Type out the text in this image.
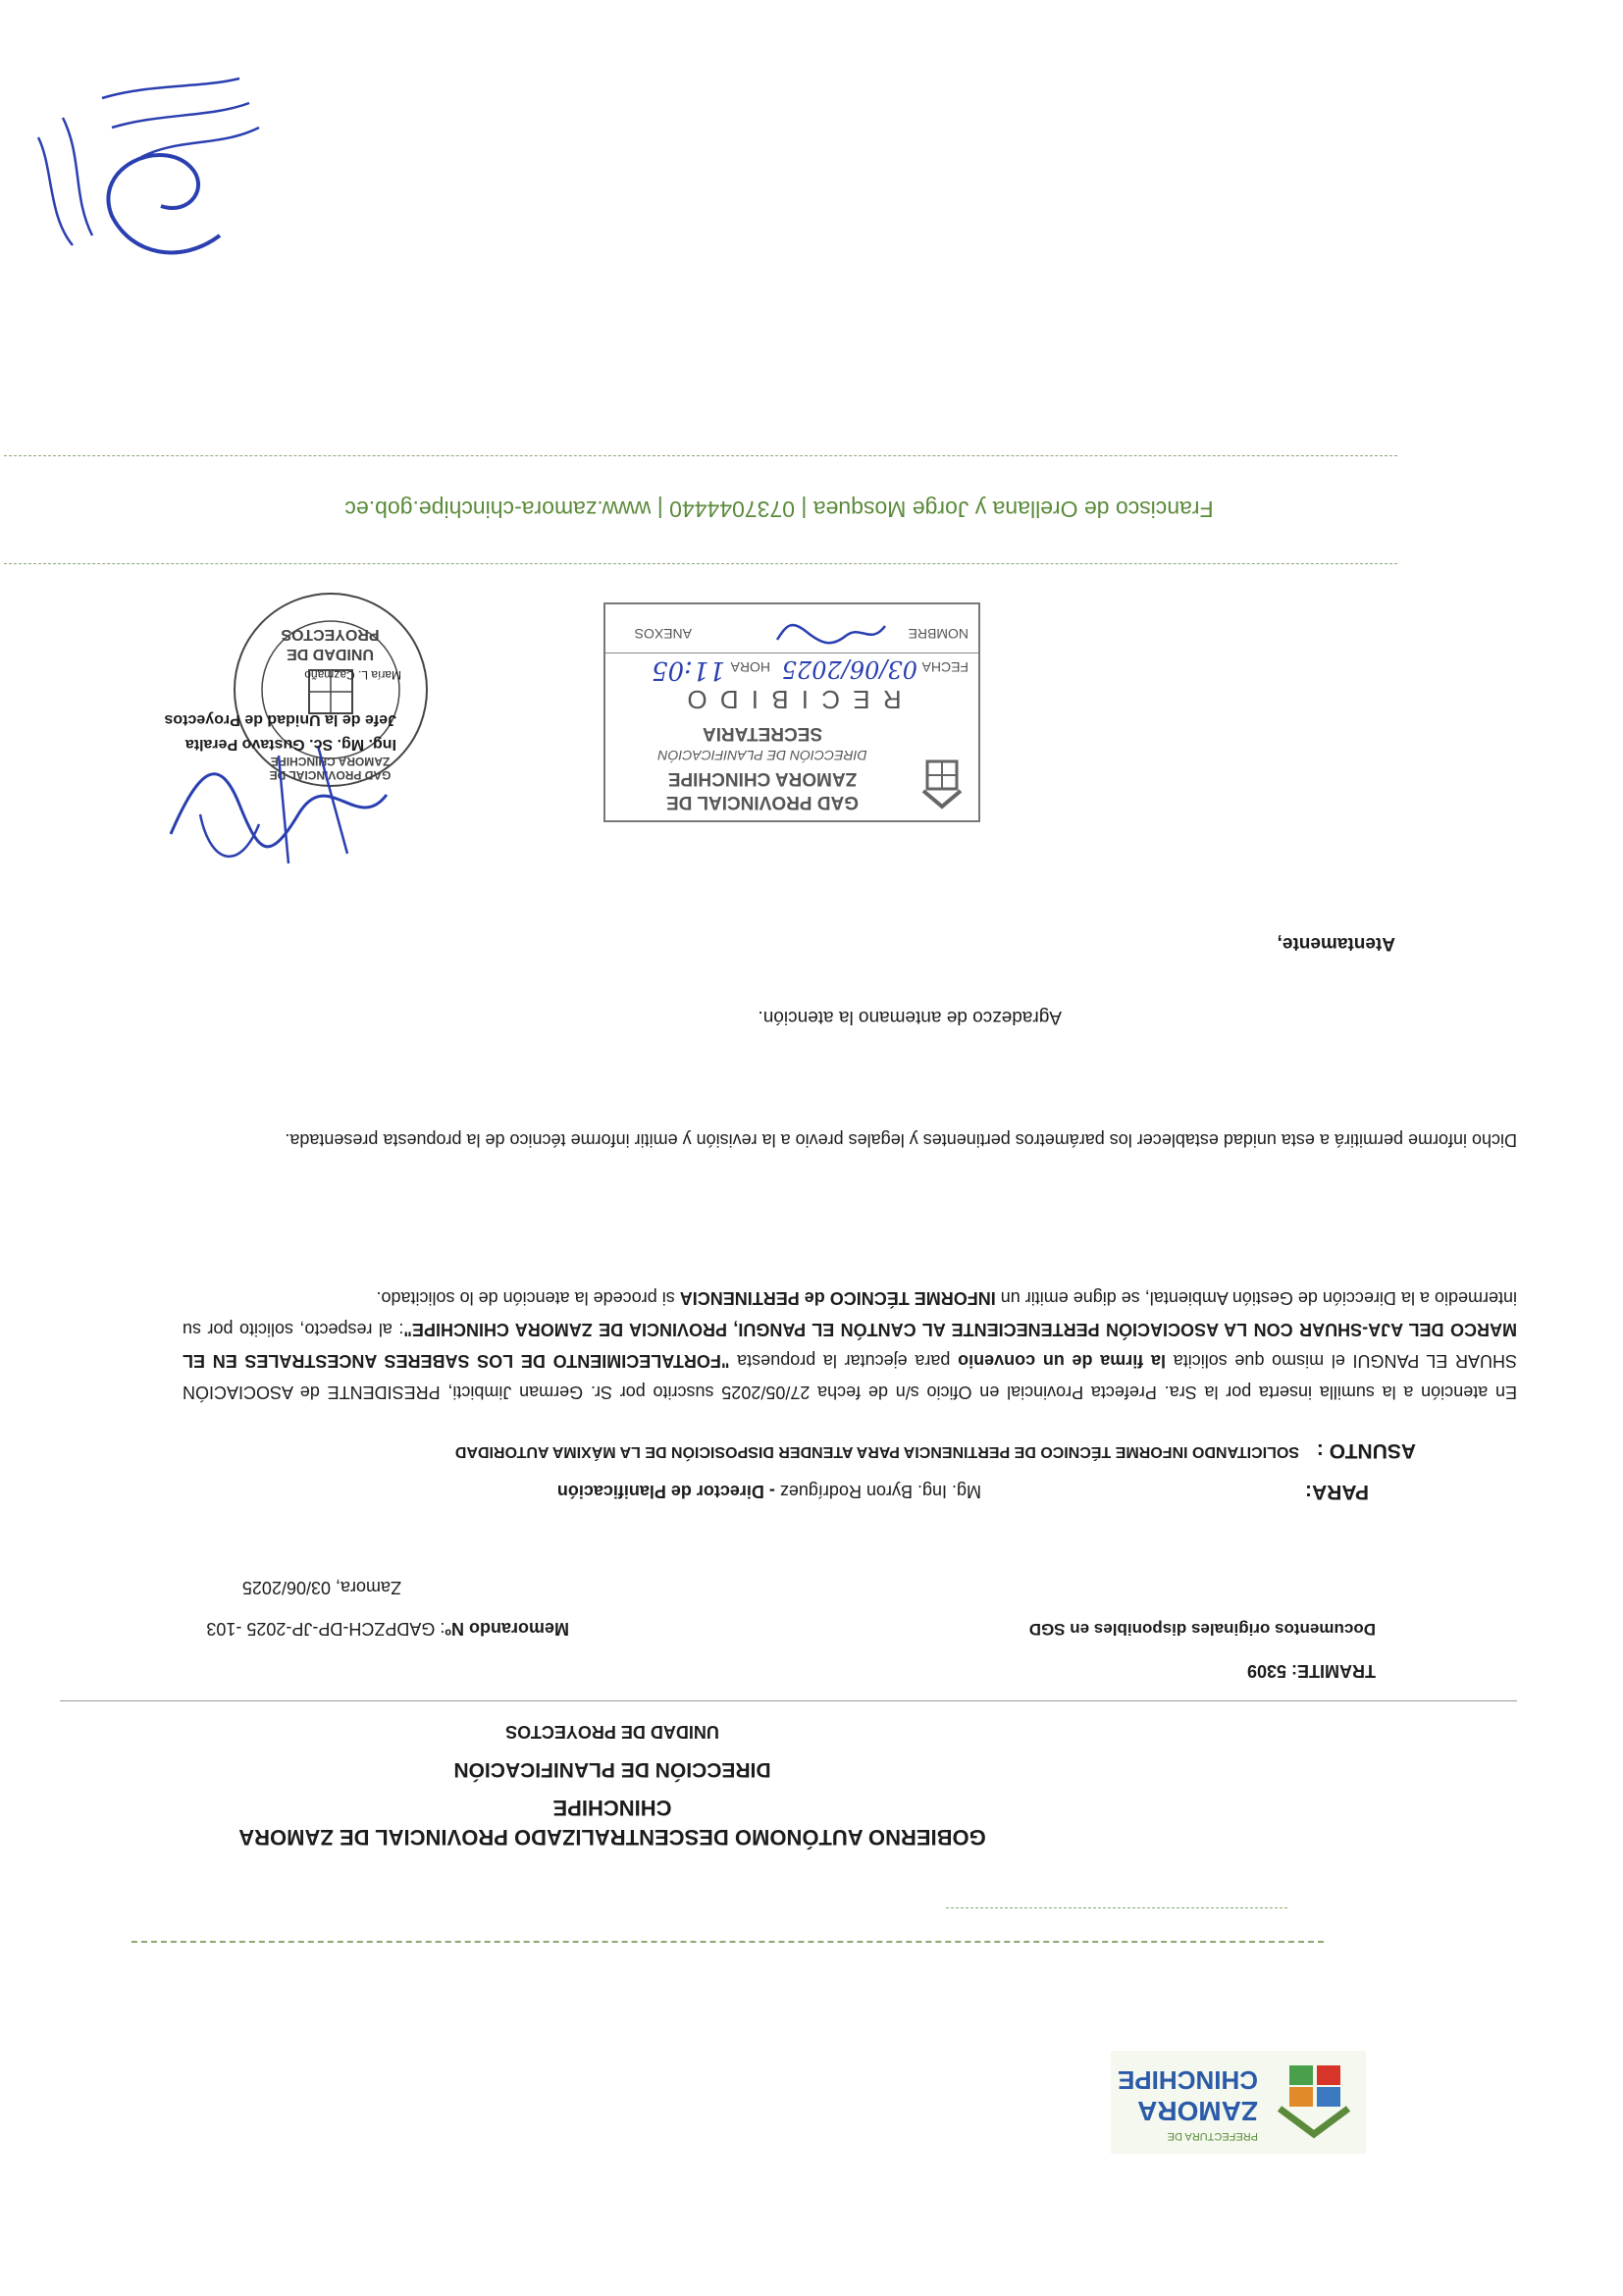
PREFECTURA DE
ZAMORA
CHINCHIPE
GOBIERNO AUTÓNOMO DESCENTRALIZADO PROVINCIAL DE ZAMORA
CHINCHIPE
DIRECCIÓN DE PLANIFICACIÓN
UNIDAD DE PROYECTOS
TRAMITE: 5309
Documentos originales disponibles en SGD
Memorando Nº: GADPZCH-DP-JP-2025 -103
Zamora, 03/06/2025
PARA:
Mg. Ing. Byron Rodríguez - Director de Planificación
ASUNTO :
SOLICITANDO INFORME TÉCNICO DE PERTINENCIA PARA ATENDER DISPOSICIÓN DE LA MÁXIMA AUTORIDAD
En atención a la sumilla inserta por la Sra. Prefecta Provincial en Oficio s/n de fecha 27/05/2025 suscrito por Sr. German Jimbicti, PRESIDENTE de ASOCIACIÓN SHUAR EL PANGUI el mismo que solicita la firma de un convenio para ejecutar la propuesta "FORTALECIMIENTO DE LOS SABERES ANCESTRALES EN EL MARCO DEL AJA-SHUAR CON LA ASOCIACIÓN PERTENECIENTE AL CANTÓN EL PANGUI, PROVINCIA DE ZAMORA CHINCHIPE": al respecto, solicito por su intermedio a la Dirección de Gestión Ambiental, se digne emitir un INFORME TÉCNICO de PERTINENCIA si procede la atención de lo solicitado.
Dicho informe permitirá a esta unidad establecer los parámetros pertinentes y legales previo a la revisión y emitir informe técnico de la propuesta presentada.
Agradezco de antemano la atención.
GAD PROVINCIAL DE
ZAMORA CHINCHIPE
DIRECCIÓN DE PLANIFICACIÓN
SECRETARIA
R E C I B I D O
FECHA
03/06/2025
HORA
11:05
NOMBRE
ANEXOS
Atentamente,
GAD PROVINCIAL DE ZAMORA CHINCHIPE
UNIDAD DE
PROYECTOS
Ing. Mg. Sc. Gustavo Peralta
Jefe de la Unidad de Proyectos
María L. Cazmaño
Francisco de Orellana y Jorge Mosquea | 0737044440 | www.zamora-chinchipe.gob.ec
